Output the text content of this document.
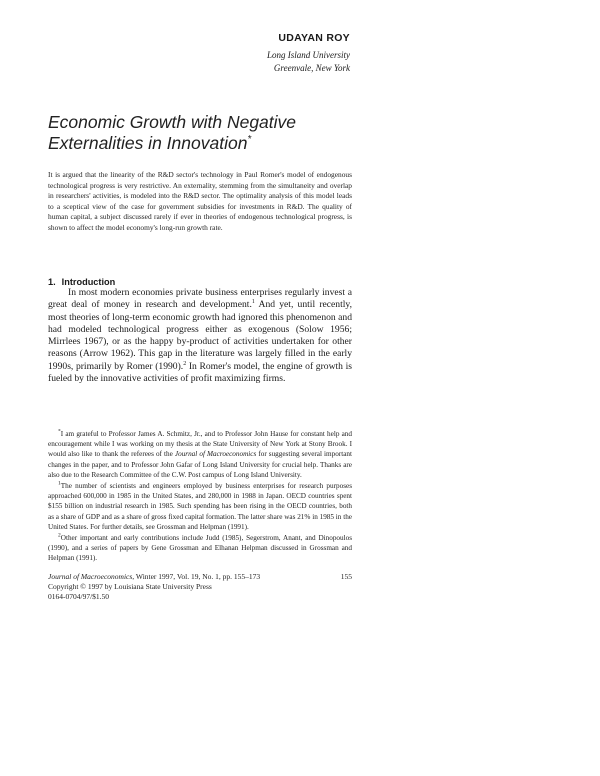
UDAYAN ROY
Long Island University
Greenvale, New York
Economic Growth with Negative
Externalities in Innovation*
It is argued that the linearity of the R&D sector's technology in Paul Romer's model of endogenous technological progress is very restrictive. An externality, stemming from the simultaneity and overlap in researchers' activities, is modeled into the R&D sector. The optimality analysis of this model leads to a sceptical view of the case for government subsidies for investments in R&D. The quality of human capital, a subject discussed rarely if ever in theories of endogenous technological progress, is shown to affect the model economy's long-run growth rate.
1. Introduction

In most modern economies private business enterprises regularly invest a great deal of money in research and development.$^1$ And yet, until recently, most theories of long-term economic growth had ignored this phenomenon and had modeled technological progress either as exogenous (Solow 1956; Mirrlees 1967), or as the happy by-product of activities undertaken for other reasons (Arrow 1962). This gap in the literature was largely filled in the early 1990s, primarily by Romer (1990).$^2$ In Romer's model, the engine of growth is fueled by the innovative activities of profit maximizing firms.

*I am grateful to Professor James A. Schmitz, Jr., and to Professor John Hause for constant help and encouragement while I was working on my thesis at the State University of New York at Stony Brook. I would also like to thank the referees of the Journal of Macroeconomics for suggesting several important changes in the paper, and to Professor John Gafar of Long Island University for crucial help. Thanks are also due to the Research Committee of the C.W. Post campus of Long Island University.

$^1$The number of scientists and engineers employed by business enterprises for research purposes approached 600,000 in 1985 in the United States, and 280,000 in 1988 in Japan. OECD countries spent $155 billion on industrial research in 1985. Such spending has been rising in the OECD countries, both as a share of GDP and as a share of gross fixed capital formation. The latter share was 21% in 1985 in the United States. For further details, see Grossman and Helpman (1991).

$^2$Other important and early contributions include Judd (1985), Segerstrom, Anant, and Dinopoulos (1990), and a series of papers by Gene Grossman and Elhanan Helpman discussed in Grossman and Helpman (1991).

Journal of Macroeconomics, Winter 1997, Vol. 19, No. 1, pp. 155–173	155
Copyright © 1997 by Louisiana State University Press
0164-0704/97/$1.50
